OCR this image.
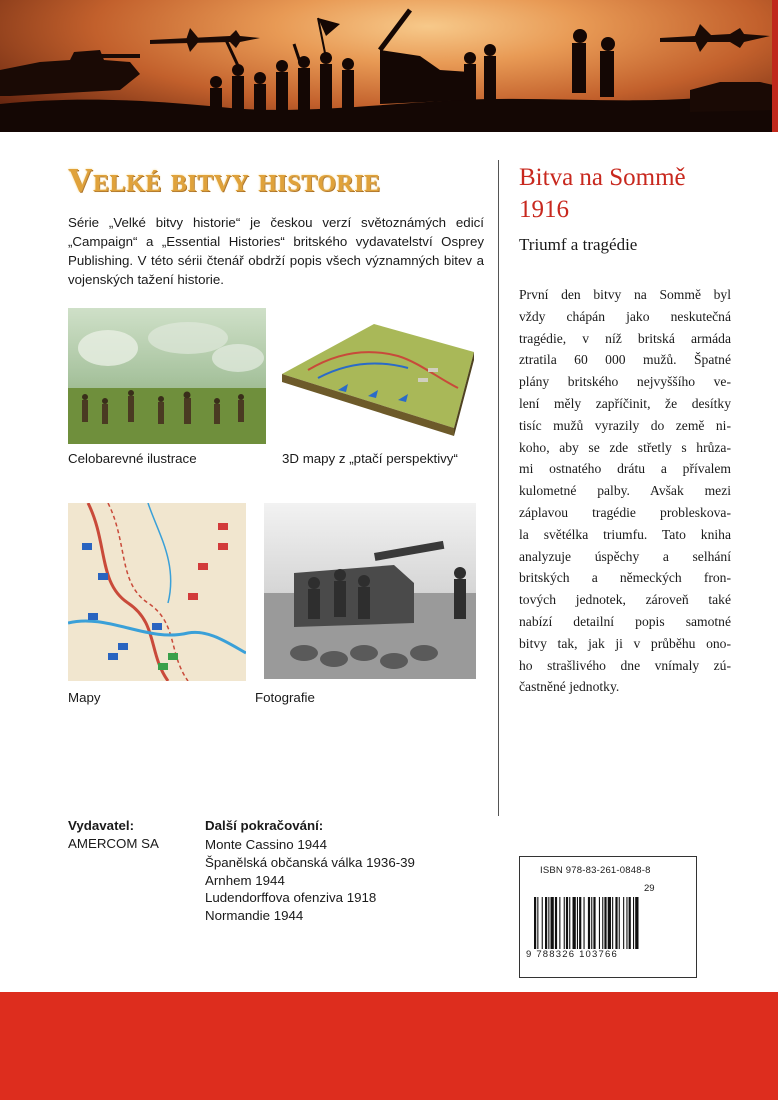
Velké bitvy historie
Série „Velké bitvy historie“ je českou verzí světoznámých edicí „Campaign“ a „Essential Histories“ britského vydavatelství Osprey Publishing. V této sérii čtenář obdrží popis všech významných bitev a vojenských tažení historie.
Celobarevné ilustrace	3D mapy z „ptačí perspektivy“
Mapy	Fotografie
Bitva na Sommě
1916
Triumf a tragédie
První den bitvy na Sommě byl
vždy chápán jako neskutečná
tragédie, v níž britská armáda
ztratila 60 000 mužů. Špatné
plány britského nejvyššího ve-
lení měly zapříčinit, že desítky
tisíc mužů vyrazily do země ni-
koho, aby se zde střetly s hrůza-
mi ostnatého drátu a přívalem
kulometné palby. Avšak mezi
záplavou tragédie probleskova-
la světélka triumfu. Tato kniha
analyzuje úspěchy a selhání
britských a německých fron-
tových jednotek, zároveň také
nabízí detailní popis samotné
bitvy tak, jak ji v průběhu ono-
ho strašlivého dne vnímaly zú-
častněné jednotky.
Vydavatel:
AMERCOM SA
Další pokračování:
Monte Cassino 1944
Španělská občanská válka 1936-39
Arnhem 1944
Ludendorffova ofenziva 1918
Normandie 1944
ISBN 978-83-261-0848-8
29
9 788326 103766
